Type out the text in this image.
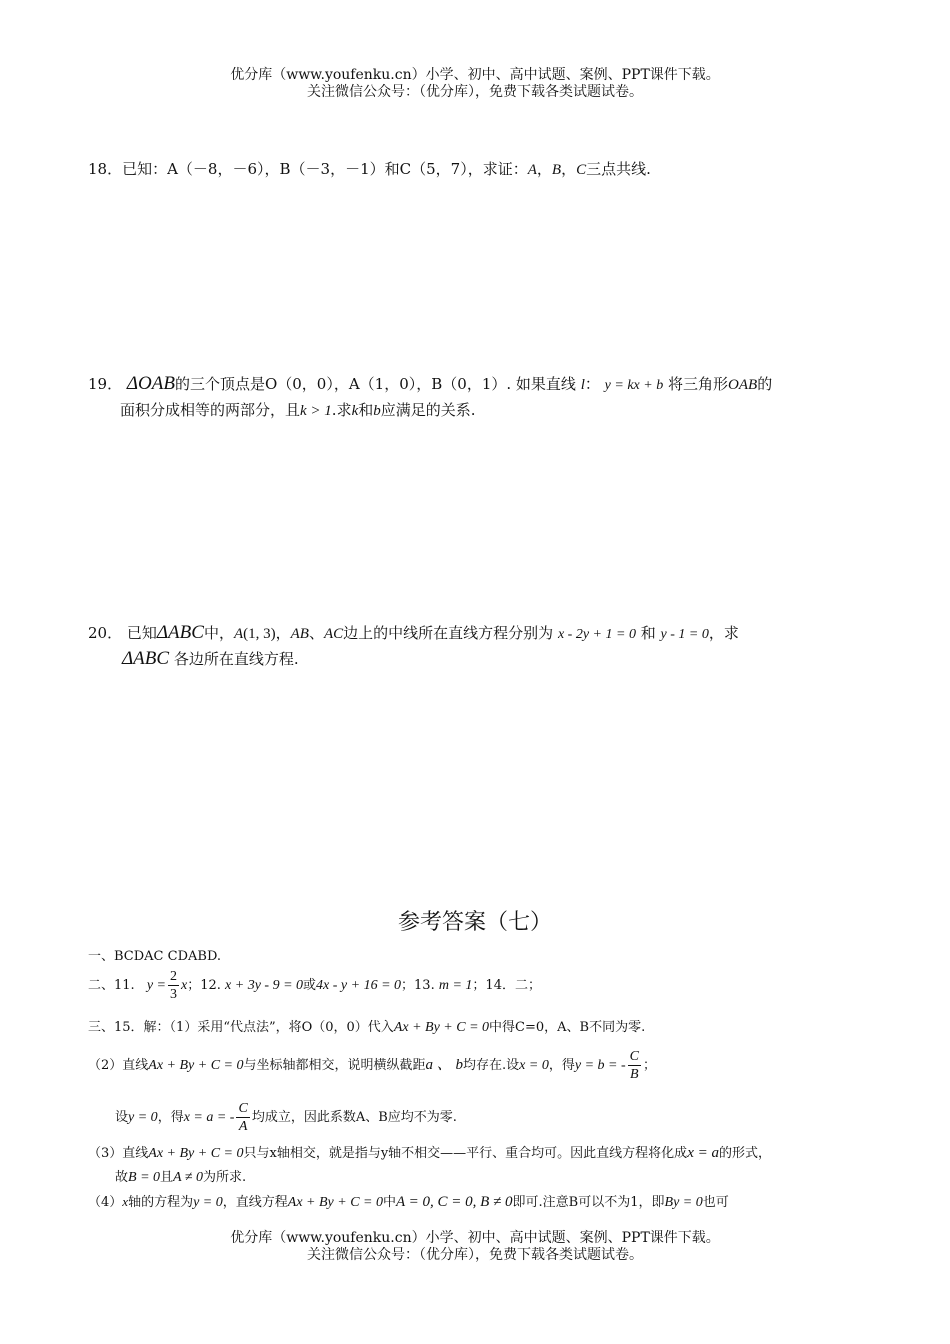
优分库（www.youfenku.cn）小学、初中、高中试题、案例、PPT课件下载。
关注微信公众号：（优分库），免费下载各类试题试卷。
18．已知：A（－8，－6），B（－3，－1）和C（5，7），求证：A，B，C三点共线.
19． ΔOAB的三个顶点是O（0，0），A（1，0），B（0，1）. 如果直线 l： y = kx + b 将三角形OAB的
面积分成相等的两部分，且k > 1.求k和b应满足的关系.
20． 已知ΔABC中，A(1, 3)，AB、AC边上的中线所在直线方程分别为 x - 2y + 1 = 0 和 y - 1 = 0，求
ΔABC 各边所在直线方程.
参考答案（七）
一、BCDAC CDABD.
二、11. $y = \frac{2}{3}$ x；12. x + 3y - 9 = 0或4x - y + 16 = 0；13. m = 1；14．二；
三、15．解：（1）采用“代点法”，将O（0，0）代入Ax + By + C = 0中得C=0，A、B不同为零.
（2）直线Ax + By + C = 0与坐标轴都相交，说明横纵截距a 、 b均存在.设x = 0，得y = b = - $\frac{C}{B}$ ；
设y = 0，得x = a = - $\frac{C}{A}$ 均成立，因此系数A、B应均不为零.
（3）直线Ax + By + C = 0只与x轴相交，就是指与y轴不相交——平行、重合均可。因此直线方程将化成x = a的形式，
故B = 0且A ≠ 0为所求.
（4）x轴的方程为y = 0，直线方程Ax + By + C = 0中A = 0, C = 0, B ≠ 0即可.注意B可以不为1，即By = 0也可
优分库（www.youfenku.cn）小学、初中、高中试题、案例、PPT课件下载。
关注微信公众号：（优分库），免费下载各类试题试卷。
